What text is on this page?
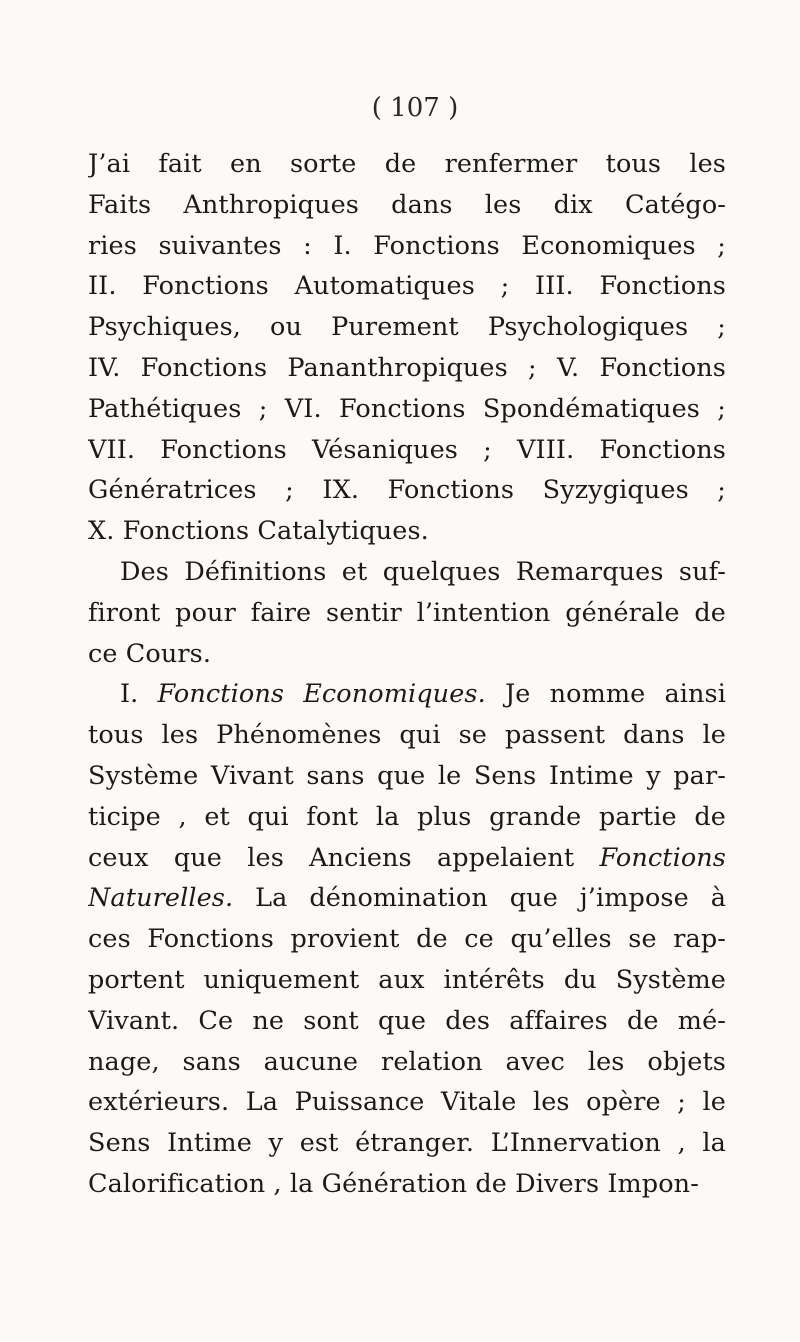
( 107 )
J’ai fait en sorte de renfermer tous les
Faits Anthropiques dans les dix Catégo-
ries suivantes : I. Fonctions Economiques ;
II. Fonctions Automatiques ; III. Fonctions
Psychiques, ou Purement Psychologiques ;
IV. Fonctions Pananthropiques ; V. Fonctions
Pathétiques ; VI. Fonctions Spondématiques ;
VII. Fonctions Vésaniques ; VIII. Fonctions
Génératrices ; IX. Fonctions Syzygiques ;
X. Fonctions Catalytiques.
Des Définitions et quelques Remarques suf-
firont pour faire sentir l’intention générale de
ce Cours.
I. Fonctions Economiques. Je nomme ainsi
tous les Phénomènes qui se passent dans le
Système Vivant sans que le Sens Intime y par-
ticipe , et qui font la plus grande partie de
ceux que les Anciens appelaient Fonctions
Naturelles. La dénomination que j’impose à
ces Fonctions provient de ce qu’elles se rap-
portent uniquement aux intérêts du Système
Vivant. Ce ne sont que des affaires de mé-
nage, sans aucune relation avec les objets
extérieurs. La Puissance Vitale les opère ; le
Sens Intime y est étranger. L’Innervation , la
Calorification , la Génération de Divers Impon-
